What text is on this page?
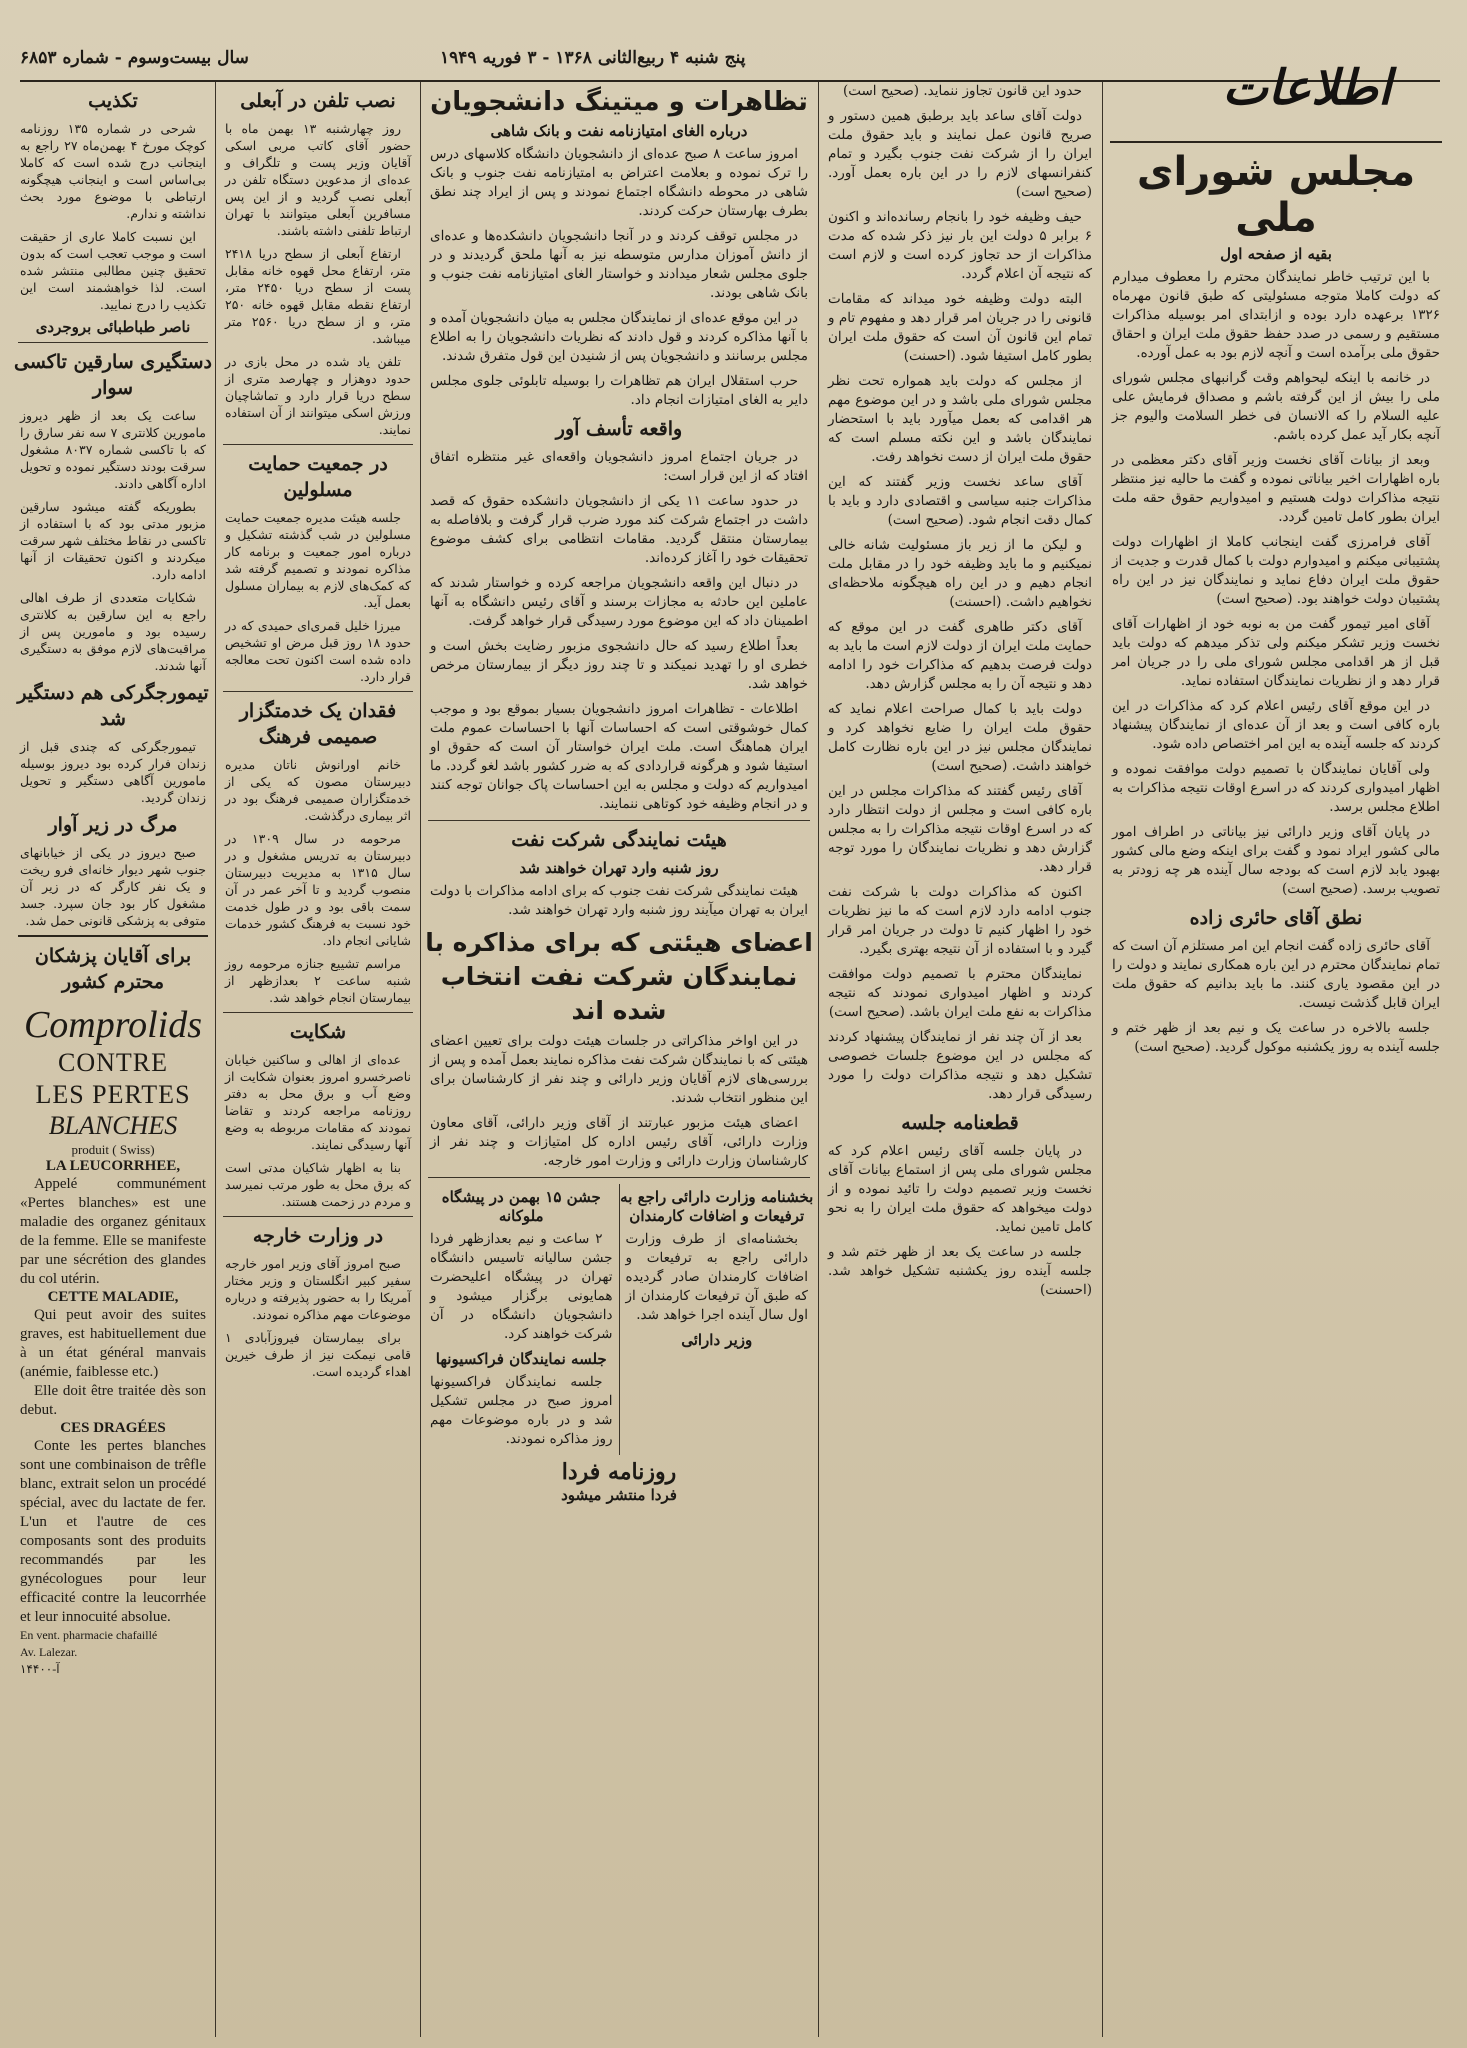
سال بیست‌وسوم - شماره ۶۸۵۳	پنج شنبه ۴ ربیع‌الثانی ۱۳۶۸ - ۳ فوریه ۱۹۴۹
اطلاعات
مجلس شورای ملی
بقیه از صفحه اول
با این ترتیب خاطر نمایندگان محترم را معطوف میدارم که دولت کاملا متوجه مسئولیتی که طبق قانون مهرماه ۱۳۲۶ برعهده دارد بوده و ازابتدای امر بوسیله مذاکرات مستقیم و رسمی در صدد حفظ حقوق ملت ایران و احقاق حقوق ملی برآمده است و آنچه لازم بود به عمل آورده.
در خانمه با اینکه لیحواهم وقت گرانبهای مجلس شورای ملی را بیش از این گرفته باشم و مصداق فرمایش علی علیه السلام را که الانسان فی خطر السلامت والیوم جز آنچه بکار آید عمل کرده باشم.
وبعد از بیانات آقای نخست وزیر آقای دکتر معظمی در باره اظهارات اخیر بیاناتی نموده و گفت ما حالیه نیز منتظر نتیجه مذاکرات دولت هستیم و امیدواریم حقوق حقه ملت ایران بطور کامل تامین گردد.
آقای فرامرزی گفت اینجانب کاملا از اظهارات دولت پشتیبانی میکنم و امیدوارم دولت با کمال قدرت و جدیت از حقوق ملت ایران دفاع نماید و نمایندگان نیز در این راه پشتیبان دولت خواهند بود. (صحیح است)
آقای امیر تیمور گفت من به نوبه خود از اظهارات آقای نخست وزیر تشکر میکنم ولی تذکر میدهم که دولت باید قبل از هر اقدامی مجلس شورای ملی را در جریان امر قرار دهد و از نظریات نمایندگان استفاده نماید.
در این موقع آقای رئیس اعلام کرد که مذاکرات در این باره کافی است و بعد از آن عده‌ای از نمایندگان پیشنهاد کردند که جلسه آینده به این امر اختصاص داده شود.
ولی آقایان نمایندگان با تصمیم دولت موافقت نموده و اظهار امیدواری کردند که در اسرع اوقات نتیجه مذاکرات به اطلاع مجلس برسد.
در پایان آقای وزیر دارائی نیز بیاناتی در اطراف امور مالی کشور ایراد نمود و گفت برای اینکه وضع مالی کشور بهبود یابد لازم است که بودجه سال آینده هر چه زودتر به تصویب برسد. (صحیح است)
نطق آقای حائری زاده
آقای حائری زاده گفت انجام این امر مستلزم آن است که تمام نمایندگان محترم در این باره همکاری نمایند و دولت را در این مقصود یاری کنند. ما باید بدانیم که حقوق ملت ایران قابل گذشت نیست.
جلسه بالاخره در ساعت یک و نیم بعد از ظهر ختم و جلسه آینده به روز یکشنبه موکول گردید. (صحیح است)
حدود این قانون تجاوز ننماید. (صحیح است)
دولت آقای ساعد باید برطبق همین دستور و صریح قانون عمل نمایند و باید حقوق ملت ایران را از شرکت نفت جنوب بگیرد و تمام کنفرانسهای لازم را در این باره بعمل آورد. (صحیح است)
حیف وظیفه خود را بانجام رسانده‌اند و اکنون ۶ برابر ۵ دولت این بار نیز ذکر شده که مدت مذاکرات از حد تجاوز کرده است و لازم است که نتیجه آن اعلام گردد.
البته دولت وظیفه خود میداند که مقامات قانونی را در جریان امر قرار دهد و مفهوم تام و تمام این قانون آن است که حقوق ملت ایران بطور کامل استیفا شود. (احسنت)
از مجلس که دولت باید همواره تحت نظر مجلس شورای ملی باشد و در این موضوع مهم هر اقدامی که بعمل میآورد باید با استحضار نمایندگان باشد و این نکته مسلم است که حقوق ملت ایران از دست نخواهد رفت.
آقای ساعد نخست وزیر گفتند که این مذاکرات جنبه سیاسی و اقتصادی دارد و باید با کمال دقت انجام شود. (صحیح است)
و لیکن ما از زیر باز مسئولیت شانه خالی نمیکنیم و ما باید وظیفه خود را در مقابل ملت انجام دهیم و در این راه هیچگونه ملاحظه‌ای نخواهیم داشت. (احسنت)
آقای دکتر طاهری گفت در این موقع که حمایت ملت ایران از دولت لازم است ما باید به دولت فرصت بدهیم که مذاکرات خود را ادامه دهد و نتیجه آن را به مجلس گزارش دهد.
دولت باید با کمال صراحت اعلام نماید که حقوق ملت ایران را ضایع نخواهد کرد و نمایندگان مجلس نیز در این باره نظارت کامل خواهند داشت. (صحیح است)
آقای رئیس گفتند که مذاکرات مجلس در این باره کافی است و مجلس از دولت انتظار دارد که در اسرع اوقات نتیجه مذاکرات را به مجلس گزارش دهد و نظریات نمایندگان را مورد توجه قرار دهد.
اکنون که مذاکرات دولت با شرکت نفت جنوب ادامه دارد لازم است که ما نیز نظریات خود را اظهار کنیم تا دولت در جریان امر قرار گیرد و با استفاده از آن نتیجه بهتری بگیرد.
نمایندگان محترم با تصمیم دولت موافقت کردند و اظهار امیدواری نمودند که نتیجه مذاکرات به نفع ملت ایران باشد. (صحیح است)
بعد از آن چند نفر از نمایندگان پیشنهاد کردند که مجلس در این موضوع جلسات خصوصی تشکیل دهد و نتیجه مذاکرات دولت را مورد رسیدگی قرار دهد.
قطعنامه جلسه
در پایان جلسه آقای رئیس اعلام کرد که مجلس شورای ملی پس از استماع بیانات آقای نخست وزیر تصمیم دولت را تائید نموده و از دولت میخواهد که حقوق ملت ایران را به نحو کامل تامین نماید.
جلسه در ساعت یک بعد از ظهر ختم شد و جلسه آینده روز یکشنبه تشکیل خواهد شد. (احسنت)
تظاهرات و میتینگ دانشجویان
درباره الغای امتیازنامه نفت و بانک شاهی
امروز ساعت ۸ صبح عده‌ای از دانشجویان دانشگاه کلاسهای درس را ترک نموده و بعلامت اعتراض به امتیازنامه نفت جنوب و بانک شاهی در محوطه دانشگاه اجتماع نمودند و پس از ایراد چند نطق بطرف بهارستان حرکت کردند.
در مجلس توقف کردند و در آنجا دانشجویان دانشکده‌ها و عده‌ای از دانش آموزان مدارس متوسطه نیز به آنها ملحق گردیدند و در جلوی مجلس شعار میدادند و خواستار الغای امتیازنامه نفت جنوب و بانک شاهی بودند.
در این موقع عده‌ای از نمایندگان مجلس به میان دانشجویان آمده و با آنها مذاکره کردند و قول دادند که نظریات دانشجویان را به اطلاع مجلس برسانند و دانشجویان پس از شنیدن این قول متفرق شدند.
حرب استقلال ایران هم تظاهرات را بوسیله تابلوئی جلوی مجلس دایر به الغای امتیازات انجام داد.
واقعه تأسف آور
در جریان اجتماع امروز دانشجویان واقعه‌ای غیر منتظره اتفاق افتاد که از این قرار است:
در حدود ساعت ۱۱ یکی از دانشجویان دانشکده حقوق که قصد داشت در اجتماع شرکت کند مورد ضرب قرار گرفت و بلافاصله به بیمارستان منتقل گردید. مقامات انتظامی برای کشف موضوع تحقیقات خود را آغاز کرده‌اند.
در دنبال این واقعه دانشجویان مراجعه کرده و خواستار شدند که عاملین این حادثه به مجازات برسند و آقای رئیس دانشگاه به آنها اطمینان داد که این موضوع مورد رسیدگی قرار خواهد گرفت.
بعداً اطلاع رسید که حال دانشجوی مزبور رضایت بخش است و خطری او را تهدید نمیکند و تا چند روز دیگر از بیمارستان مرخص خواهد شد.
اطلاعات - تظاهرات امروز دانشجویان بسیار بموقع بود و موجب کمال خوشوقتی است که احساسات آنها با احساسات عموم ملت ایران هماهنگ است. ملت ایران خواستار آن است که حقوق او استیفا شود و هرگونه قراردادی که به ضرر کشور باشد لغو گردد. ما امیدواریم که دولت و مجلس به این احساسات پاک جوانان توجه کنند و در انجام وظیفه خود کوتاهی ننمایند.
هیئت نمایندگی شرکت نفت
روز شنبه وارد تهران خواهند شد
هیئت نمایندگی شرکت نفت جنوب که برای ادامه مذاکرات با دولت ایران به تهران میآیند روز شنبه وارد تهران خواهند شد.
اعضای هیئتی که برای مذاکره با نمایندگان شرکت نفت انتخاب شده اند
در این اواخر مذاکراتی در جلسات هیئت دولت برای تعیین اعضای هیئتی که با نمایندگان شرکت نفت مذاکره نمایند بعمل آمده و پس از بررسی‌های لازم آقایان وزیر دارائی و چند نفر از کارشناسان برای این منظور انتخاب شدند.
اعضای هیئت مزبور عبارتند از آقای وزیر دارائی، آقای معاون وزارت دارائی، آقای رئیس اداره کل امتیازات و چند نفر از کارشناسان وزارت دارائی و وزارت امور خارجه.
بخشنامه وزارت دارائی راجع به ترفیعات و اضافات کارمندان
بخشنامه‌ای از طرف وزارت دارائی راجع به ترفیعات و اضافات کارمندان صادر گردیده که طبق آن ترفیعات کارمندان از اول سال آینده اجرا خواهد شد.
وزیر دارائی
جشن ۱۵ بهمن در پیشگاه ملوکانه
۲ ساعت و نیم بعدازظهر فردا جشن سالیانه تاسیس دانشگاه تهران در پیشگاه اعلیحضرت همایونی برگزار میشود و دانشجویان دانشگاه در آن شرکت خواهند کرد.
جلسه نمایندگان فراکسیونها
جلسه نمایندگان فراکسیونها امروز صبح در مجلس تشکیل شد و در باره موضوعات مهم روز مذاکره نمودند.
روزنامه فردا
فردا منتشر میشود
نصب تلفن در آبعلی
روز چهارشنبه ۱۳ بهمن ماه با حضور آقای کاتب مربی اسکی آقایان وزیر پست و تلگراف و عده‌ای از مدعوین دستگاه تلفن در آبعلی نصب گردید و از این پس مسافرین آبعلی میتوانند با تهران ارتباط تلفنی داشته باشند.
ارتفاع آبعلی از سطح دریا ۲۴۱۸ متر، ارتفاع محل قهوه خانه مقابل پست از سطح دریا ۲۴۵۰ متر، ارتفاع نقطه مقابل قهوه خانه ۲۵۰ متر، و از سطح دریا ۲۵۶۰ متر میباشد.
تلفن یاد شده در محل بازی در حدود دوهزار و چهارصد متری از سطح دریا قرار دارد و تماشاچیان ورزش اسکی میتوانند از آن استفاده نمایند.
در جمعیت حمایت مسلولین
جلسه هیئت مدیره جمعیت حمایت مسلولین در شب گذشته تشکیل و درباره امور جمعیت و برنامه کار مذاکره نمودند و تصمیم گرفته شد که کمک‌های لازم به بیماران مسلول بعمل آید.
میرزا خلیل قمری‌ای حمیدی که در حدود ۱۸ روز قبل مرض او تشخیص داده شده است اکنون تحت معالجه قرار دارد.
فقدان یک خدمتگزار صمیمی فرهنگ
خانم اورانوش ناتان مدیره دبیرستان مصون که یکی از خدمتگزاران صمیمی فرهنگ بود در اثر بیماری درگذشت.
مرحومه در سال ۱۳۰۹ در دبیرستان به تدریس مشغول و در سال ۱۳۱۵ به مدیریت دبیرستان منصوب گردید و تا آخر عمر در آن سمت باقی بود و در طول خدمت خود نسبت به فرهنگ کشور خدمات شایانی انجام داد.
مراسم تشییع جنازه مرحومه روز شنبه ساعت ۲ بعدازظهر از بیمارستان انجام خواهد شد.
شکایت
عده‌ای از اهالی و ساکنین خیابان ناصرخسرو امروز بعنوان شکایت از وضع آب و برق محل به دفتر روزنامه مراجعه کردند و تقاضا نمودند که مقامات مربوطه به وضع آنها رسیدگی نمایند.
بنا به اظهار شاکیان مدتی است که برق محل به طور مرتب نمیرسد و مردم در زحمت هستند.
در وزارت خارجه
صبح امروز آقای وزیر امور خارجه سفیر کبیر انگلستان و وزیر مختار آمریکا را به حضور پذیرفته و درباره موضوعات مهم مذاکره نمودند.
برای بیمارستان فیروزآبادی ۱ قامی نیمکت نیز از طرف خیرین اهداء گردیده است.
تکذیب
شرحی در شماره ۱۳۵ روزنامه کوچک مورخ ۴ بهمن‌ماه ۲۷ راجع به اینجانب درج شده است که کاملا بی‌اساس است و اینجانب هیچگونه ارتباطی با موضوع مورد بحث نداشته و ندارم.
این نسبت کاملا عاری از حقیقت است و موجب تعجب است که بدون تحقیق چنین مطالبی منتشر شده است. لذا خواهشمند است این تکذیب را درج نمایید.
ناصر طباطبائی بروجردی
دستگیری سارقین تاکسی سوار
ساعت یک بعد از ظهر دیروز مامورین کلانتری ۷ سه نفر سارق را که با تاکسی شماره ۸۰۳۷ مشغول سرقت بودند دستگیر نموده و تحویل اداره آگاهی دادند.
بطوریکه گفته میشود سارقین مزبور مدتی بود که با استفاده از تاکسی در نقاط مختلف شهر سرقت میکردند و اکنون تحقیقات از آنها ادامه دارد.
شکایات متعددی از طرف اهالی راجع به این سارقین به کلانتری رسیده بود و مامورین پس از مراقبت‌های لازم موفق به دستگیری آنها شدند.
تیمورجگرکی هم دستگیر شد
تیمورجگرکی که چندی قبل از زندان فرار کرده بود دیروز بوسیله مامورین آگاهی دستگیر و تحویل زندان گردید.
مرگ در زیر آوار
صبح دیروز در یکی از خیابانهای جنوب شهر دیوار خانه‌ای فرو ریخت و یک نفر کارگر که در زیر آن مشغول کار بود جان سپرد. جسد متوفی به پزشکی قانونی حمل شد.
برای آقایان پزشکان محترم کشور
Comprolids
CONTRE
LES PERTES
BLANCHES
produit ( Swiss)
LA LEUCORRHEE,
Appelé communément «Pertes blanches» est une maladie des organez génitaux de la femme. Elle se manifeste par une sécrétion des glandes du col utérin.
CETTE MALADIE,
Qui peut avoir des suites graves, est habituellement due à un état général manvais (anémie, faiblesse etc.)
Elle doit être traitée dès son debut.
CES DRAGÉES
Conte les pertes blanches sont une combinaison de trêfle blanc, extrait selon un procédé spécial, avec du lactate de fer. L'un et l'autre de ces composants sont des produits recommandés par les gynécologues pour leur efficacité contre la leucorrhée et leur innocuité absolue.
En vent. pharmacie chafaillé
Av. Lalezar.
آ-۱۴۴۰۰
